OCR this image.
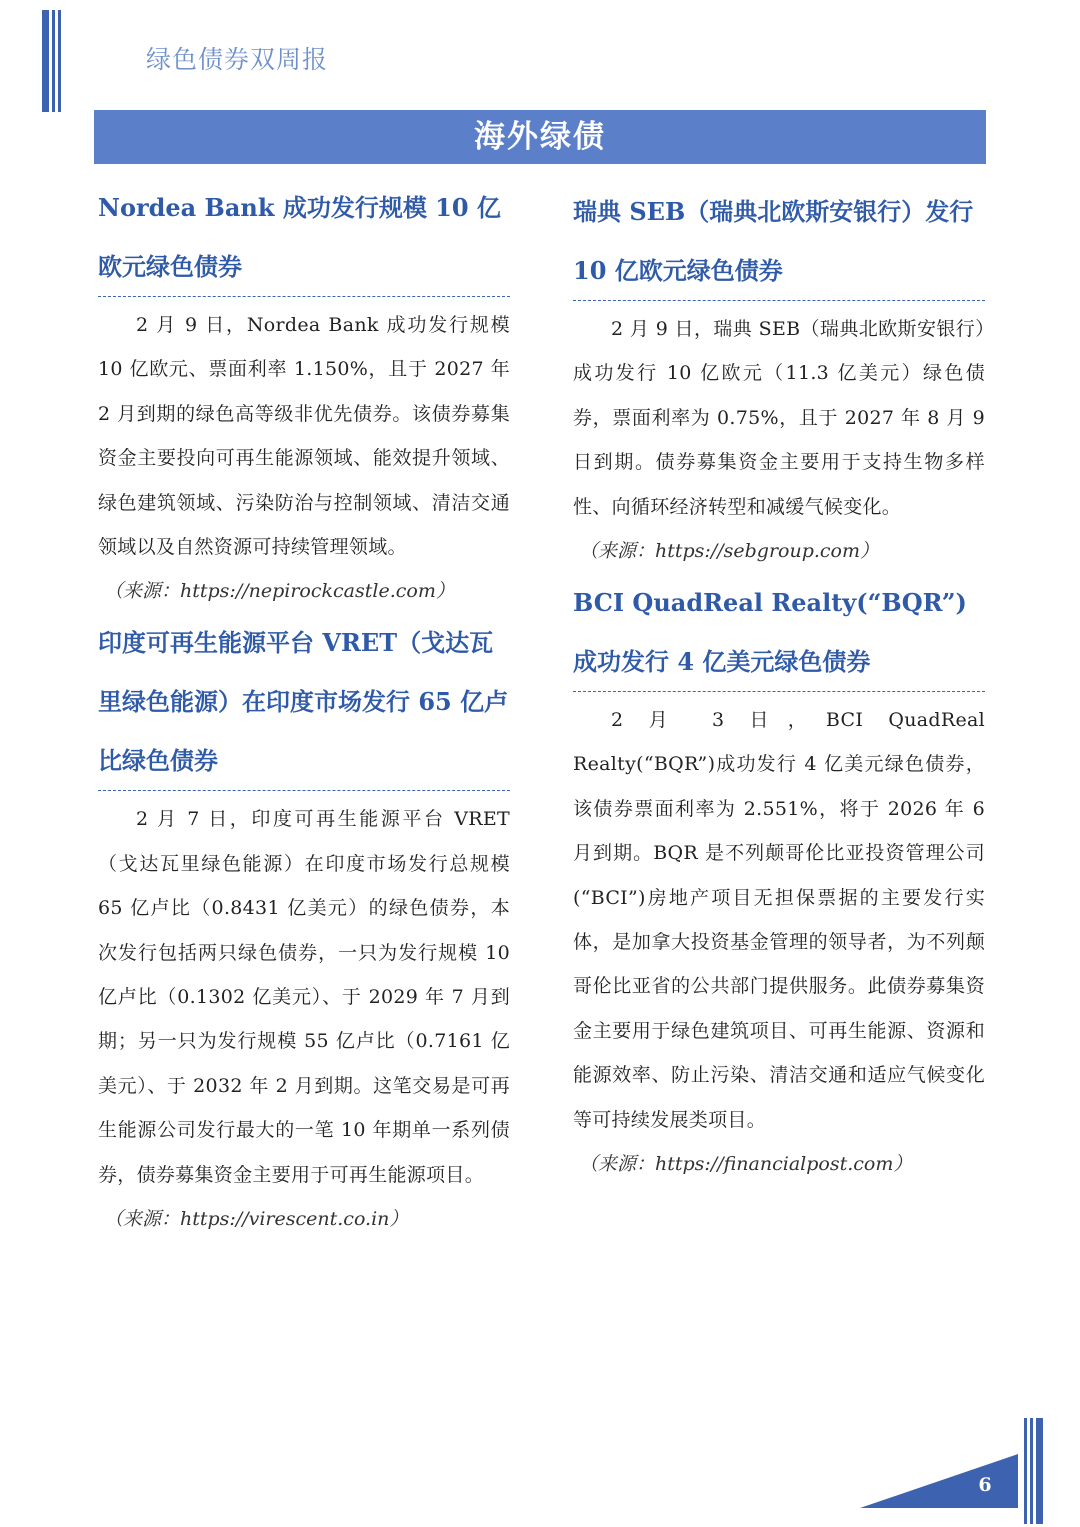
绿色债券双周报
海外绿债
Nordea Bank 成功发行规模 10 亿欧元绿色债券

2 月 9 日，Nordea Bank 成功发行规模 10 亿欧元、票面利率 1.150%，且于 2027 年 2 月到期的绿色高等级非优先债券。该债券募集资金主要投向可再生能源领域、能效提升领域、绿色建筑领域、污染防治与控制领域、清洁交通领域以及自然资源可持续管理领域。

（来源：https://nepirockcastle.com）

印度可再生能源平台 VRET（戈达瓦里绿色能源）在印度市场发行 65 亿卢比绿色债券

2 月 7 日，印度可再生能源平台 VRET（戈达瓦里绿色能源）在印度市场发行总规模 65 亿卢比（0.8431 亿美元）的绿色债券，本次发行包括两只绿色债券，一只为发行规模 10 亿卢比（0.1302 亿美元）、于 2029 年 7 月到期；另一只为发行规模 55 亿卢比（0.7161 亿美元）、于 2032 年 2 月到期。这笔交易是可再生能源公司发行最大的一笔 10 年期单一系列债券，债券募集资金主要用于可再生能源项目。

（来源：https://virescent.co.in）

瑞典 SEB（瑞典北欧斯安银行）发行 10 亿欧元绿色债券

2 月 9 日，瑞典 SEB（瑞典北欧斯安银行）成功发行 10 亿欧元（11.3 亿美元）绿色债券，票面利率为 0.75%，且于 2027 年 8 月 9 日到期。债券募集资金主要用于支持生物多样性、向循环经济转型和减缓气候变化。

（来源：https://sebgroup.com）

BCI QuadReal Realty(“BQR”)成功发行 4 亿美元绿色债券

2 月 3 日，BCI QuadReal Realty(“BQR”)成功发行 4 亿美元绿色债券，该债券票面利率为 2.551%，将于 2026 年 6 月到期。BQR 是不列颠哥伦比亚投资管理公司(“BCI”)房地产项目无担保票据的主要发行实体，是加拿大投资基金管理的领导者，为不列颠哥伦比亚省的公共部门提供服务。此债券募集资金主要用于绿色建筑项目、可再生能源、资源和能源效率、防止污染、清洁交通和适应气候变化等可持续发展类项目。

（来源：https://financialpost.com）

6
